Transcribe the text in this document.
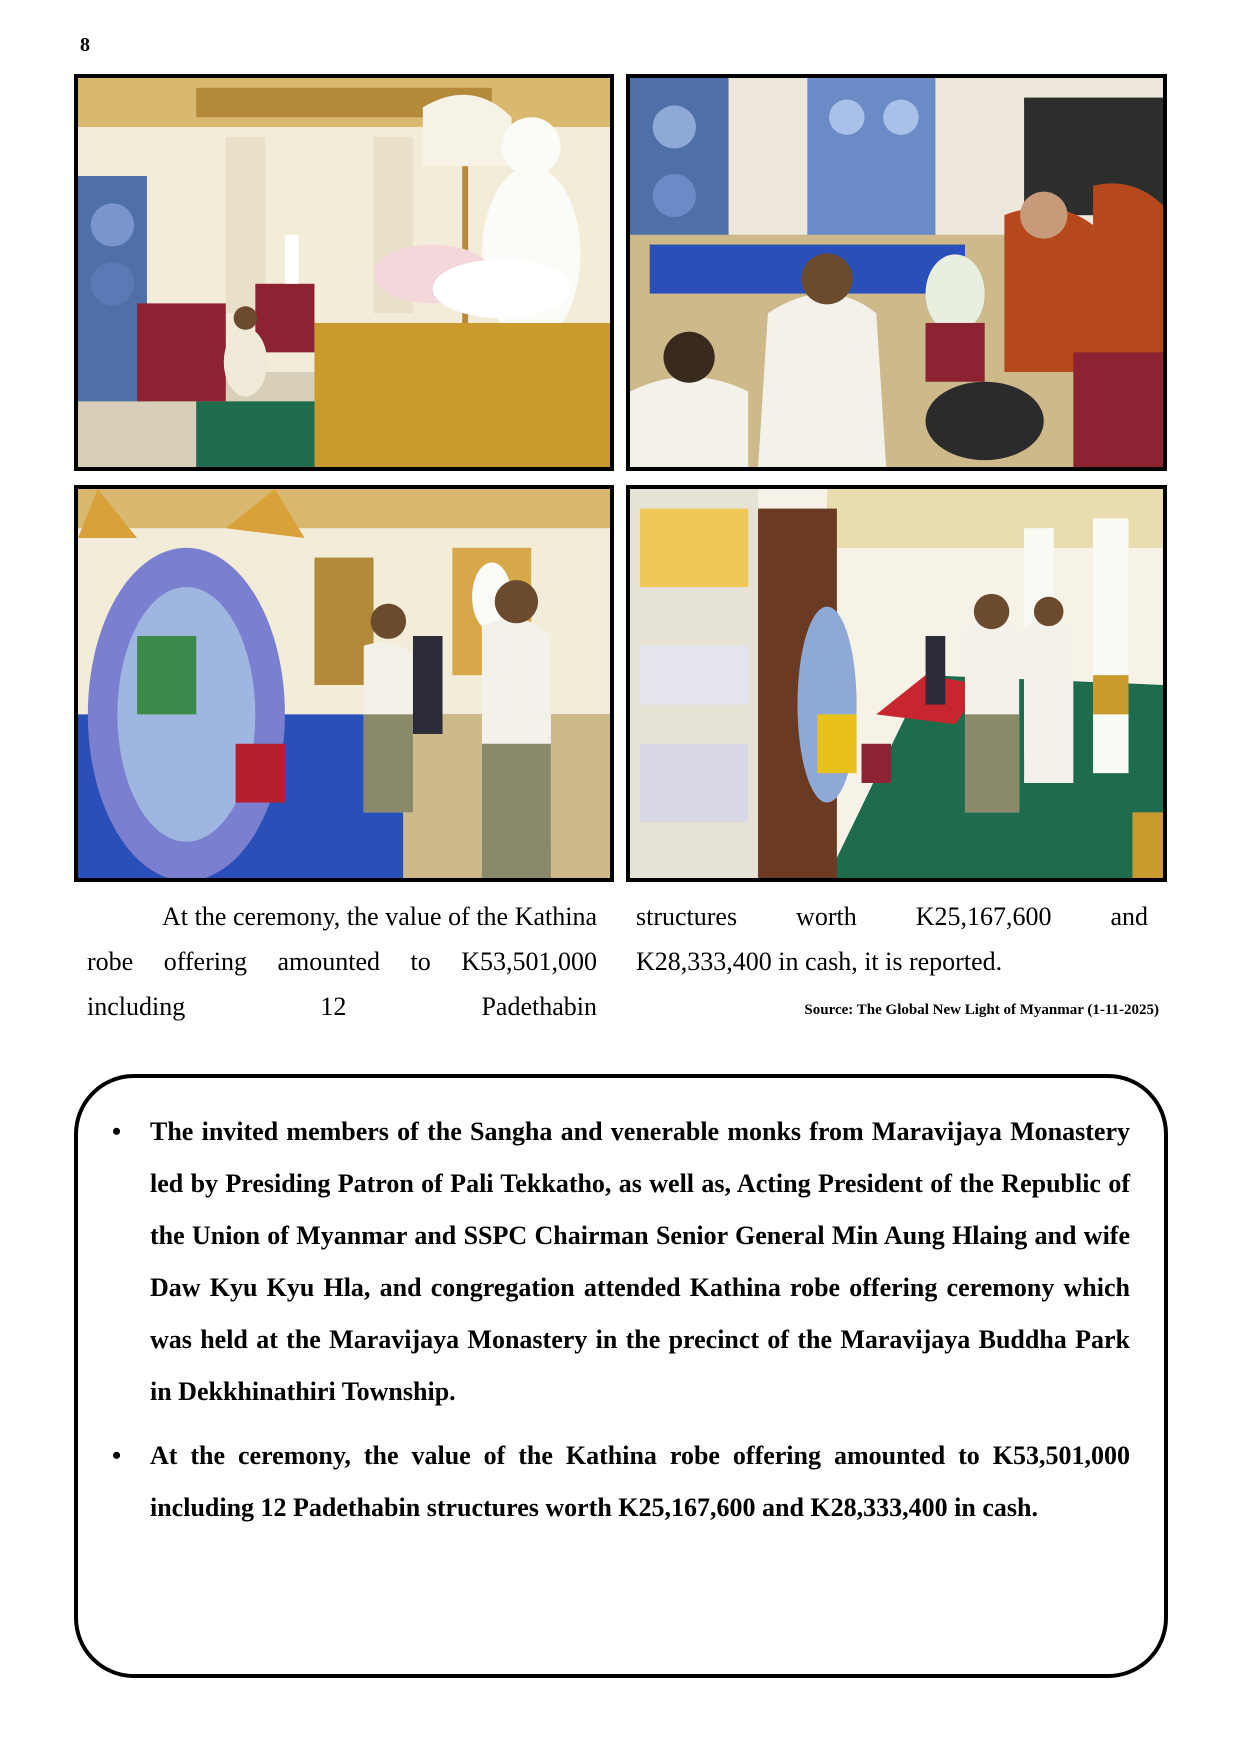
8
At the ceremony, the value of the Kathina robe offering amounted to K53,501,000 including 12 Padethabin
structures worth K25,167,600 and
K28,333,400 in cash, it is reported.
Source: The Global New Light of Myanmar (1-11-2025)
• The invited members of the Sangha and venerable monks from Maravijaya Monastery led by Presiding Patron of Pali Tekkatho, as well as, Acting President of the Republic of the Union of Myanmar and SSPC Chairman Senior General Min Aung Hlaing and wife Daw Kyu Kyu Hla, and congregation attended Kathina robe offering ceremony which was held at the Maravijaya Monastery in the precinct of the Maravijaya Buddha Park in Dekkhinathiri Township.
• At the ceremony, the value of the Kathina robe offering amounted to K53,501,000 including 12 Padethabin structures worth K25,167,600 and K28,333,400 in cash.
